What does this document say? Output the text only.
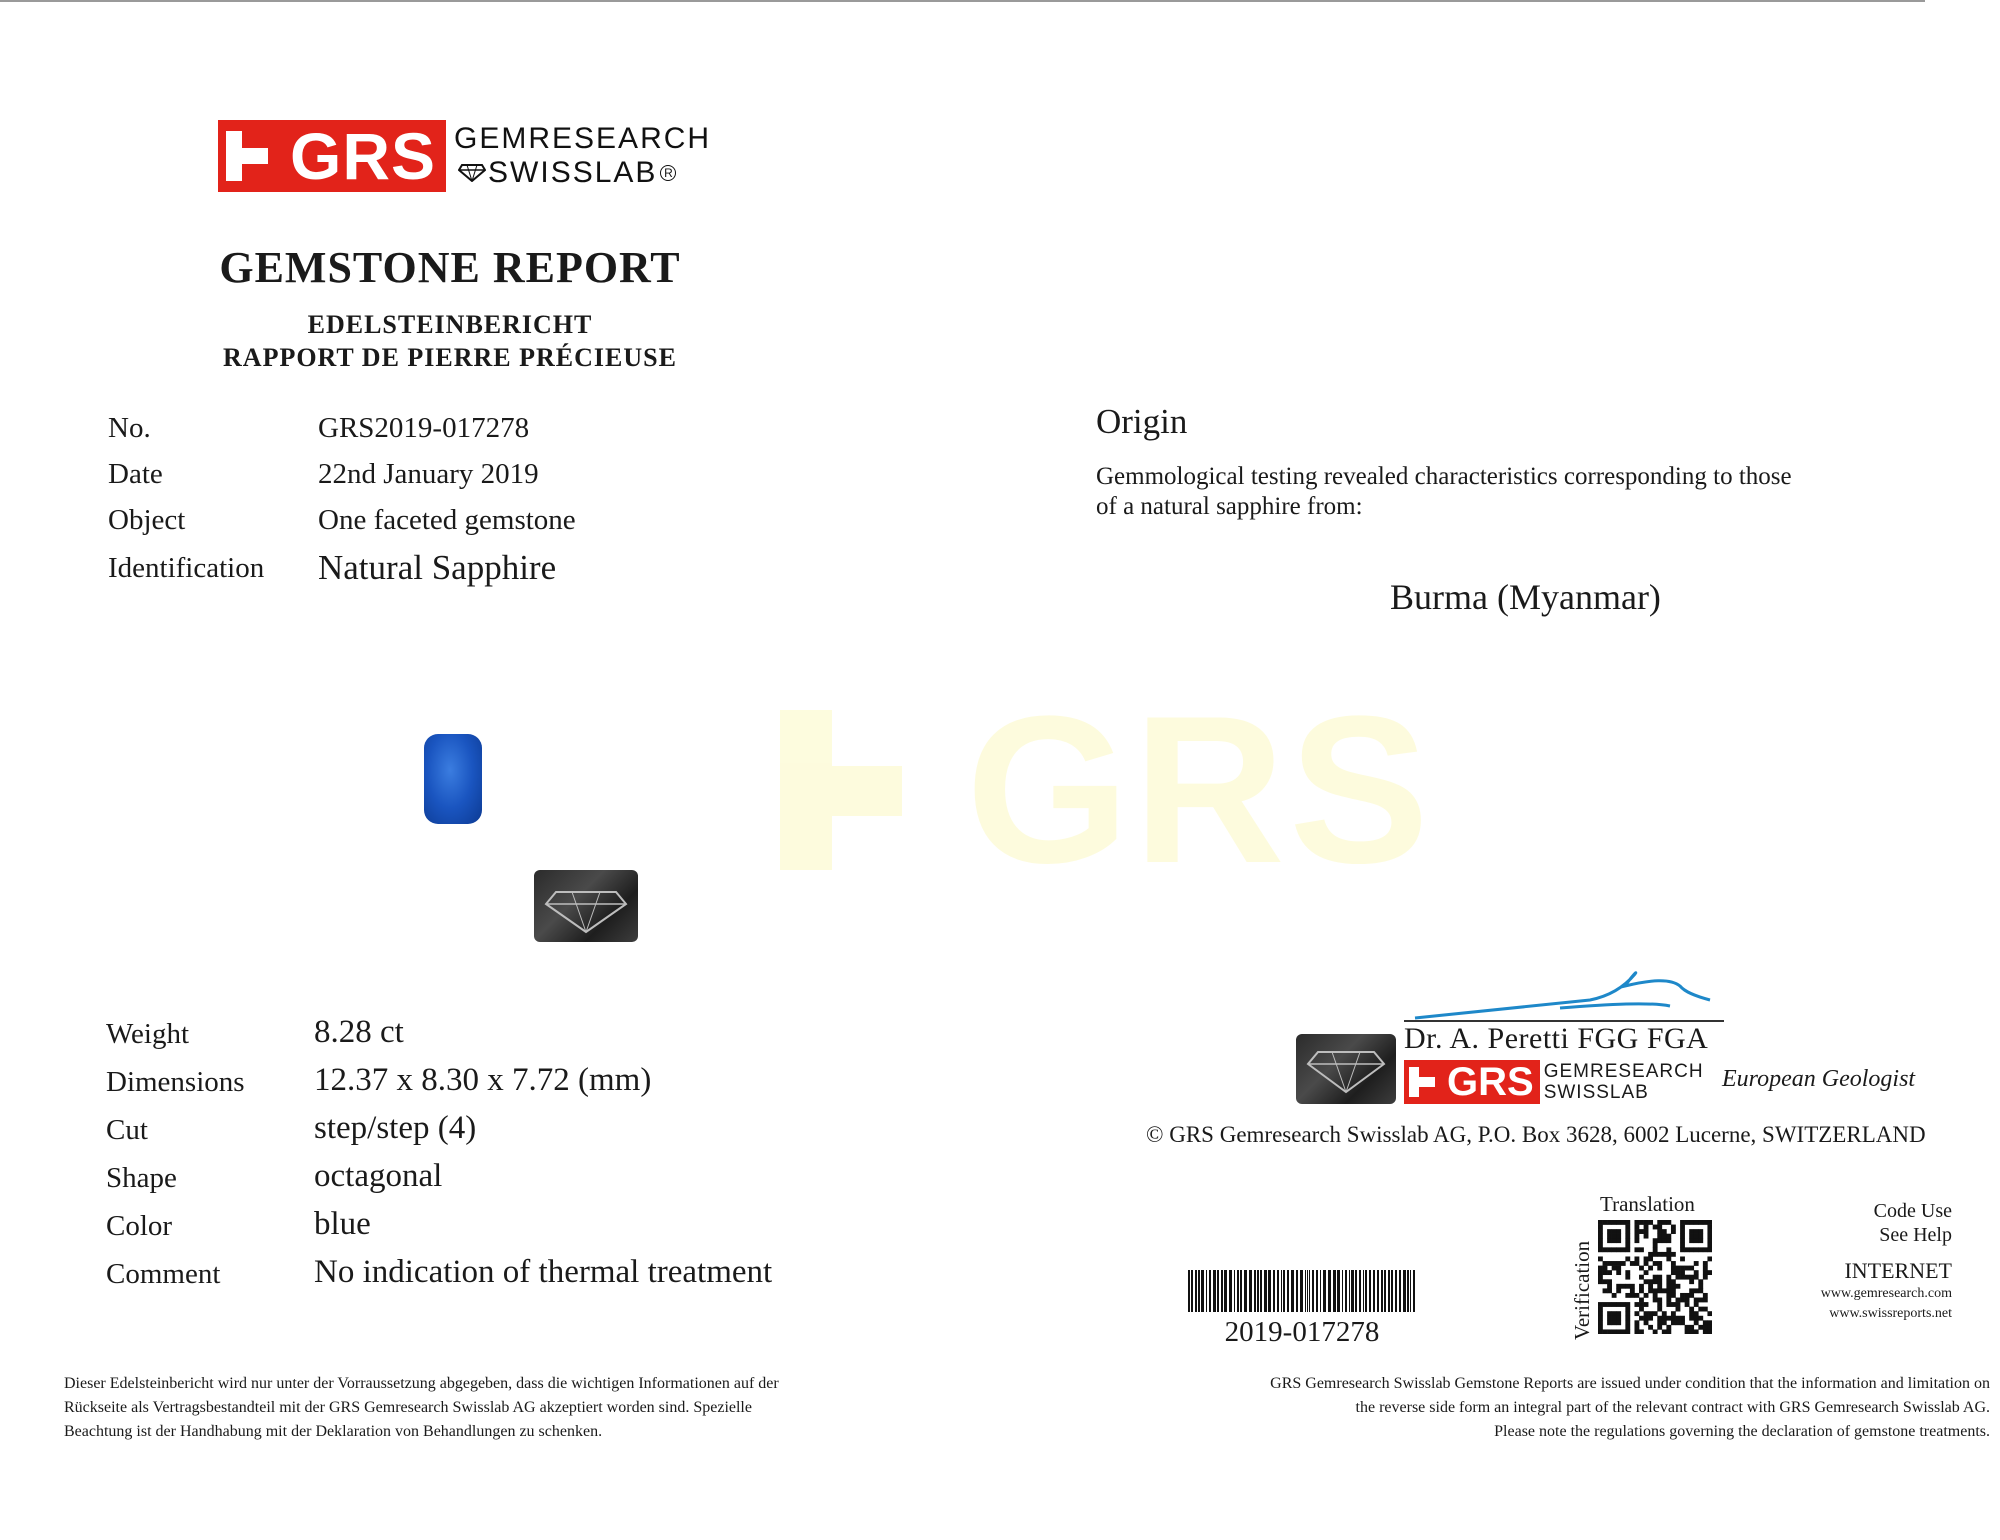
GRS GEMRESEARCH
SWISSLAB R
GEMSTONE REPORT
EDELSTEINBERICHT
RAPPORT DE PIERRE PRÉCIEUSE
No.	GRS2019-017278
Date	22nd January 2019
Object	One faceted gemstone
Identification Natural Sapphire
GRS
Weight	8.28 ct
Dimensions 12.37 x 8.30 x 7.72 (mm)
Cut	step/step (4)
Shape	octagonal
Color	blue
Comment	No indication of thermal treatment
Origin
Gemmological testing revealed characteristics corresponding to those
of a natural sapphire from:
Burma (Myanmar)
Dr. A. Peretti FGG FGA
GRS GEMRESEARCH
SWISSLAB
European Geologist
© GRS Gemresearch Swisslab AG, P.O. Box 3628, 6002 Lucerne, SWITZERLAND
2019-017278
Translation
Verification
Code Use
See Help
INTERNET
www.gemresearch.com
www.swissreports.net
Dieser Edelsteinbericht wird nur unter der Vorraussetzung abgegeben, dass die wichtigen Informationen auf der
Rückseite als Vertragsbestandteil mit der GRS Gemresearch Swisslab AG akzeptiert worden sind. Spezielle
Beachtung ist der Handhabung mit der Deklaration von Behandlungen zu schenken.
GRS Gemresearch Swisslab Gemstone Reports are issued under condition that the information and limitation on
the reverse side form an integral part of the relevant contract with GRS Gemresearch Swisslab AG.
Please note the regulations governing the declaration of gemstone treatments.
